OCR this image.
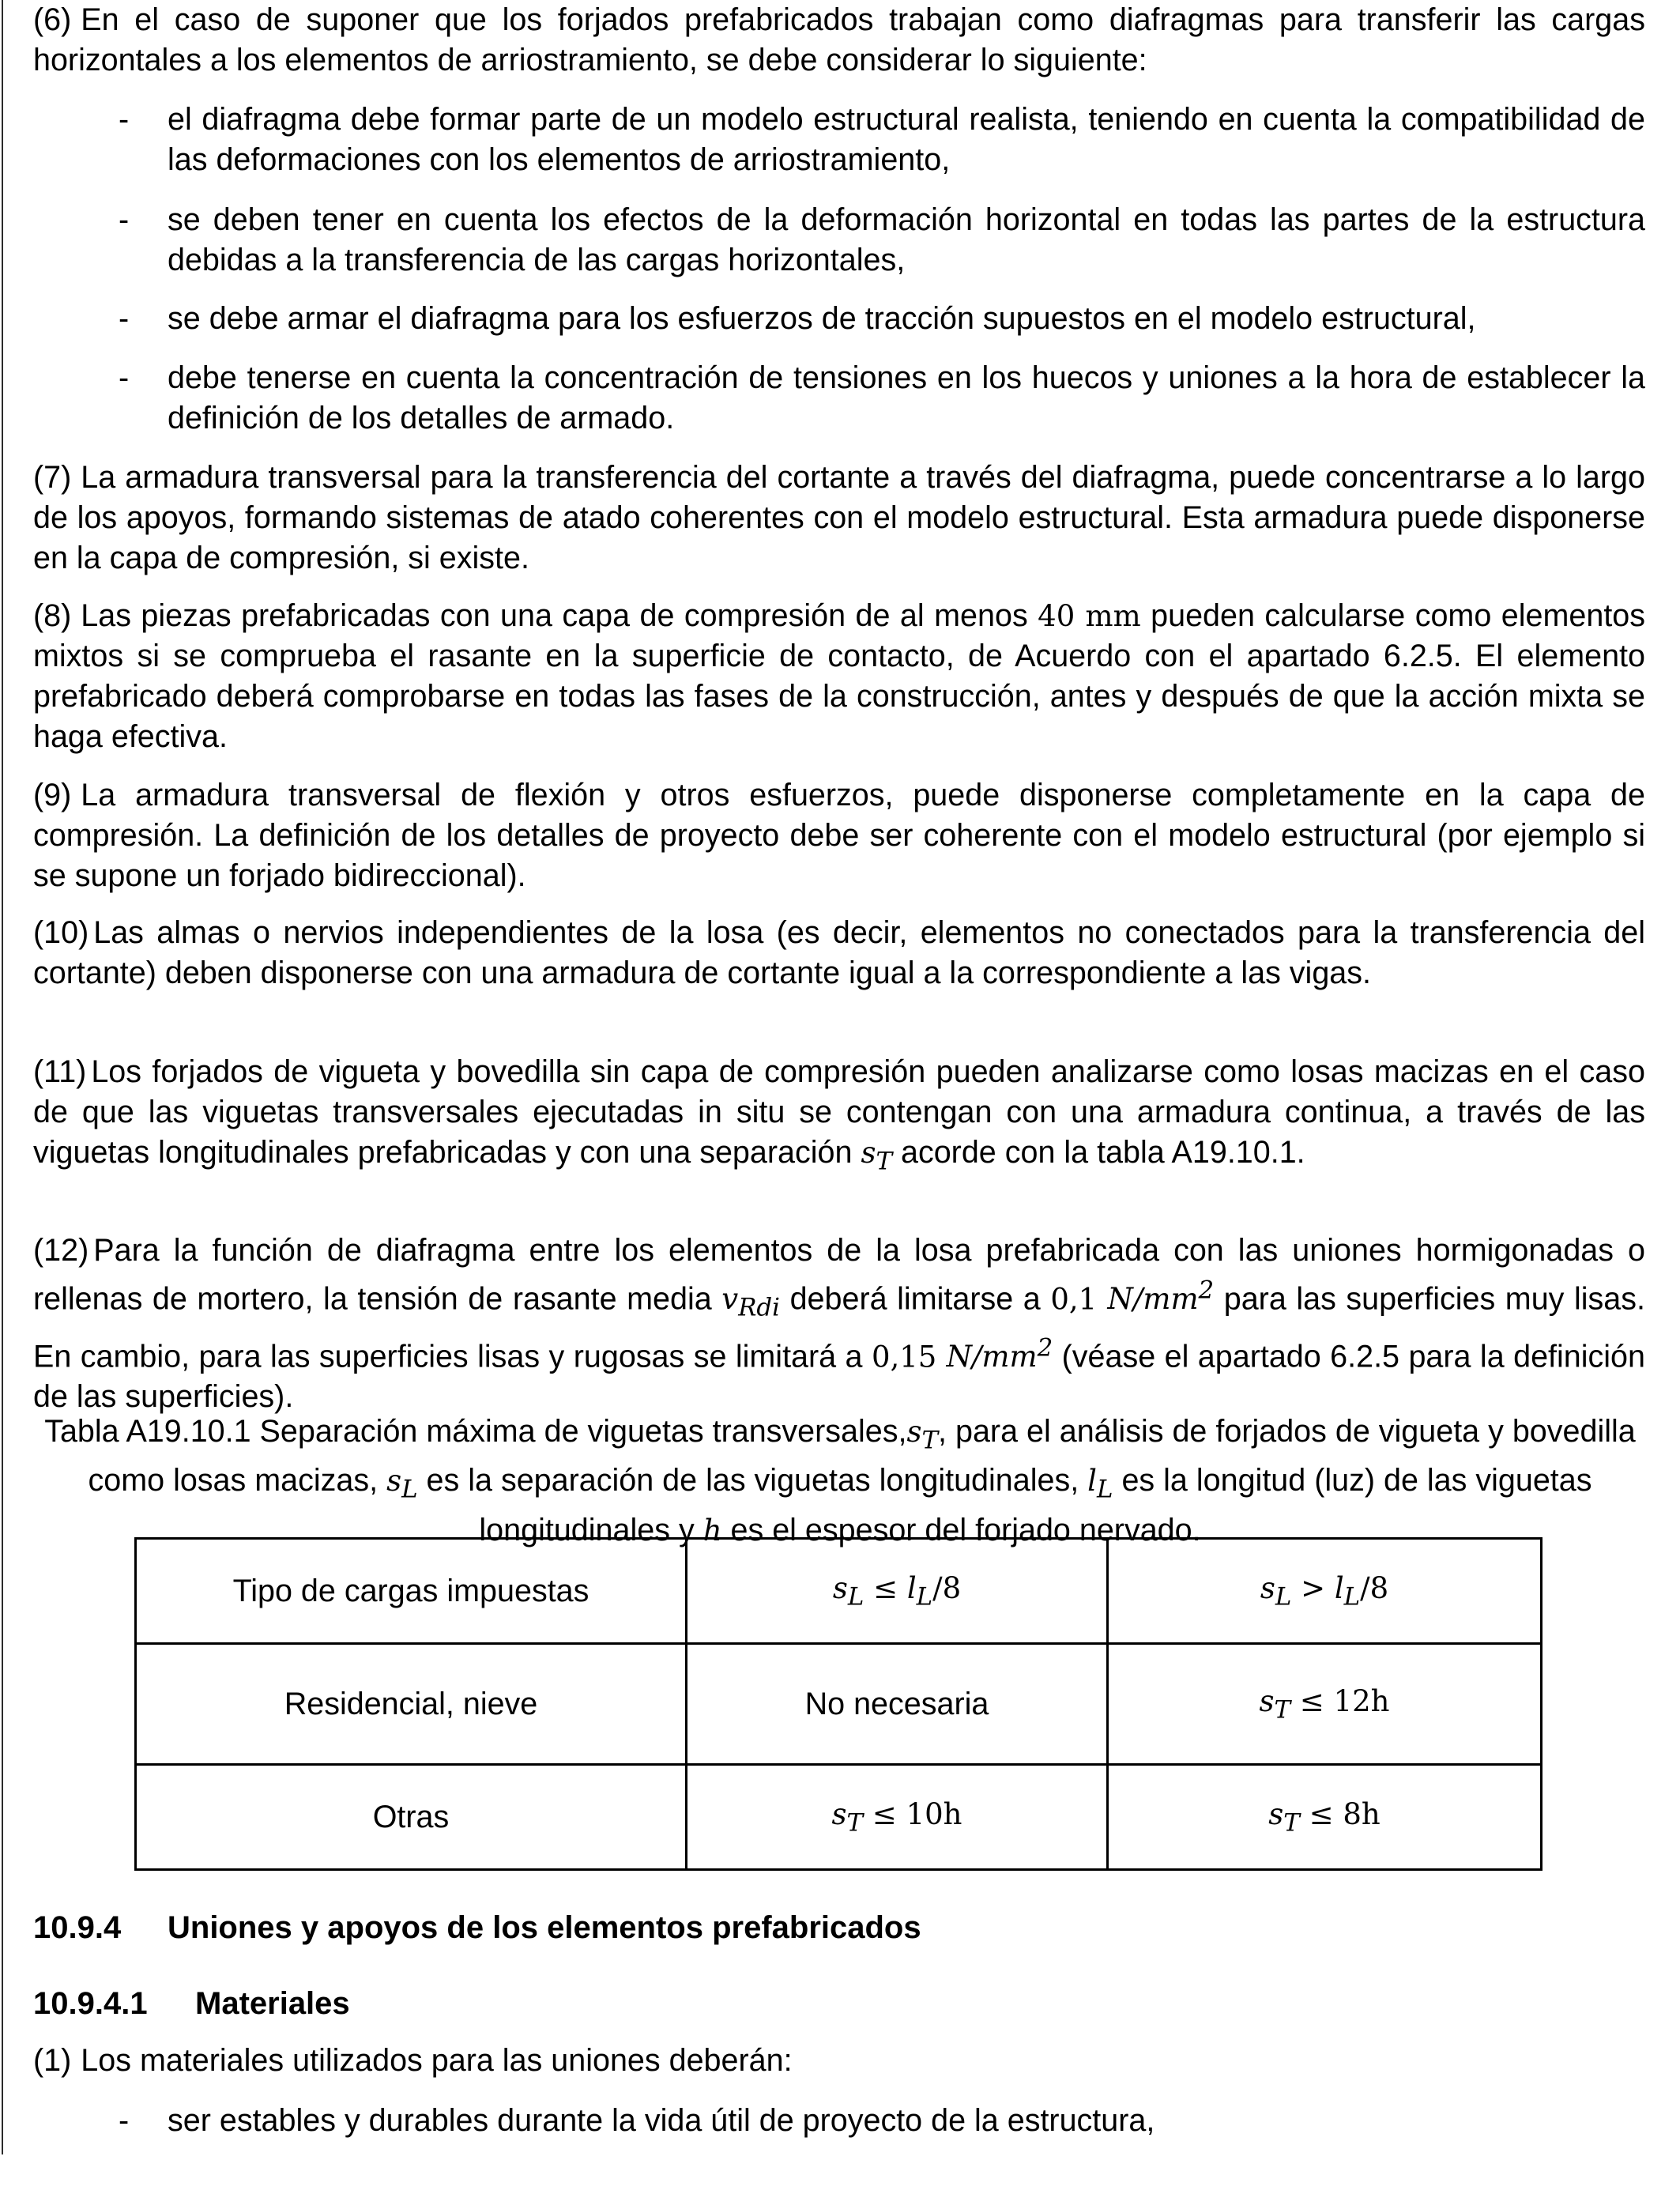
(6) En el caso de suponer que los forjados prefabricados trabajan como diafragmas para transferir las cargas horizontales a los elementos de arriostramiento, se debe considerar lo siguiente:
- el diafragma debe formar parte de un modelo estructural realista, teniendo en cuenta la compatibilidad de las deformaciones con los elementos de arriostramiento,
- se deben tener en cuenta los efectos de la deformación horizontal en todas las partes de la estructura debidas a la transferencia de las cargas horizontales,
- se debe armar el diafragma para los esfuerzos de tracción supuestos en el modelo estructural,
- debe tenerse en cuenta la concentración de tensiones en los huecos y uniones a la hora de establecer la definición de los detalles de armado.
(7) La armadura transversal para la transferencia del cortante a través del diafragma, puede concentrarse a lo largo de los apoyos, formando sistemas de atado coherentes con el modelo estructural. Esta armadura puede disponerse en la capa de compresión, si existe.
(8) Las piezas prefabricadas con una capa de compresión de al menos 40 mm pueden calcularse como elementos mixtos si se comprueba el rasante en la superficie de contacto, de Acuerdo con el apartado 6.2.5. El elemento prefabricado deberá comprobarse en todas las fases de la construcción, antes y después de que la acción mixta se haga efectiva.
(9) La armadura transversal de flexión y otros esfuerzos, puede disponerse completamente en la capa de compresión. La definición de los detalles de proyecto debe ser coherente con el modelo estructural (por ejemplo si se supone un forjado bidireccional).
(10) Las almas o nervios independientes de la losa (es decir, elementos no conectados para la transferencia del cortante) deben disponerse con una armadura de cortante igual a la correspondiente a las vigas.
(11) Los forjados de vigueta y bovedilla sin capa de compresión pueden analizarse como losas macizas en el caso de que las viguetas transversales ejecutadas in situ se contengan con una armadura continua, a través de las viguetas longitudinales prefabricadas y con una separación $s_T$ acorde con la tabla A19.10.1.
(12) Para la función de diafragma entre los elementos de la losa prefabricada con las uniones hormigonadas o rellenas de mortero, la tensión de rasante media $v_{Rdi}$ deberá limitarse a 0,1 $N/mm^2$ para las superficies muy lisas. En cambio, para las superficies lisas y rugosas se limitará a 0,15 $N/mm^2$ (véase el apartado 6.2.5 para la definición de las superficies).
Tabla A19.10.1 Separación máxima de viguetas $transversales,s_T$, para el análisis de forjados de vigueta y bovedilla como losas macizas, $s_L$ es la separación de las viguetas longitudinales, $l_L$ es la longitud (luz) de las viguetas longitudinales y h es el espesor del forjado nervado.
Tipo de cargas impuestas	$s_L \le l_L/8$	$s_L > l_L/8$
Residencial, nieve	No necesaria	$s_T \le 12h$
Otras	$s_T \le 10h$	$s_T \le 8h$
10.9.4 Uniones y apoyos de los elementos prefabricados
10.9.4.1 Materiales
(1) Los materiales utilizados para las uniones deberán:
- ser estables y durables durante la vida útil de proyecto de la estructura,
